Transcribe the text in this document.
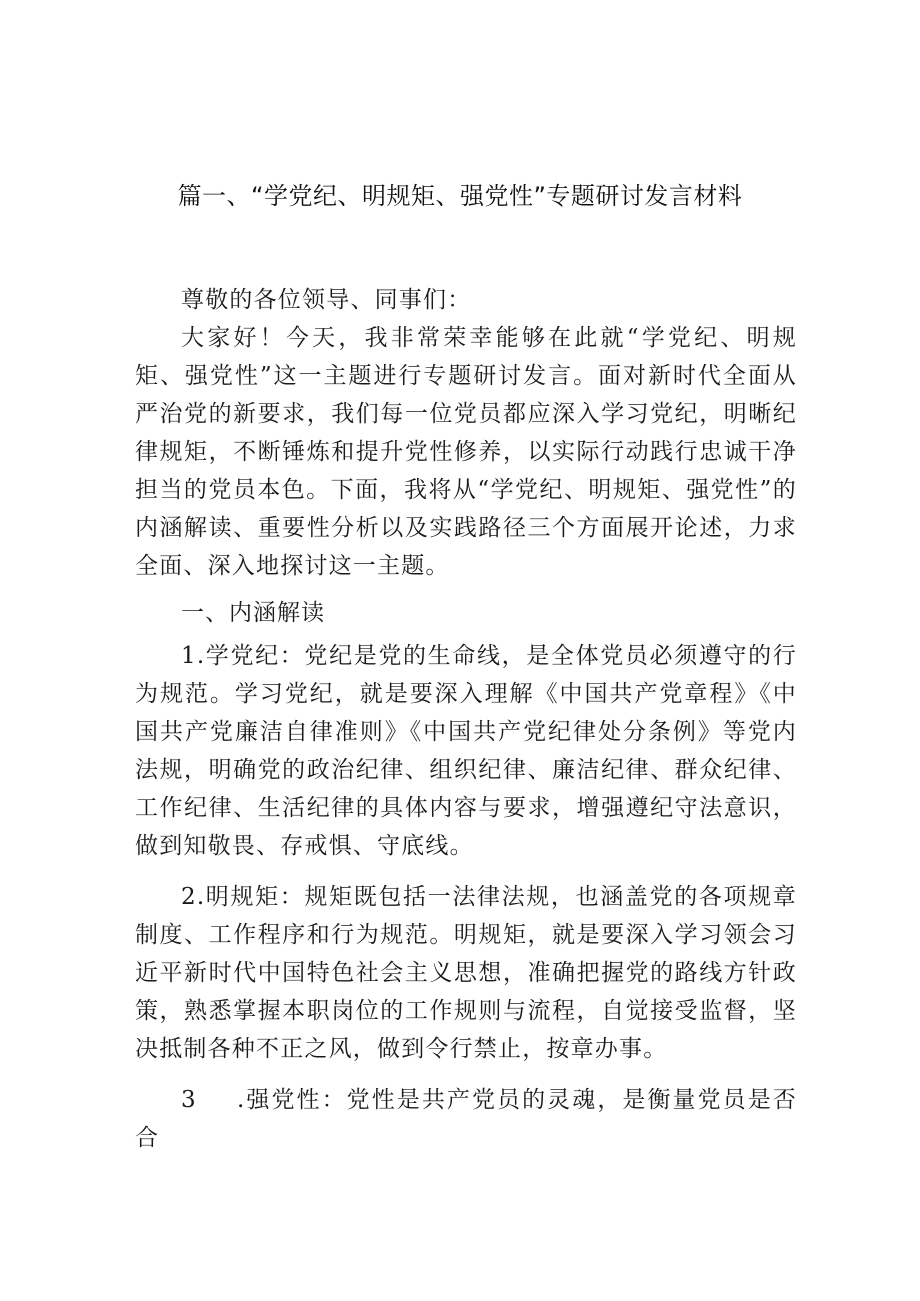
篇一、“学党纪、明规矩、强党性”专题研讨发言材料

尊敬的各位领导、同事们：

大家好！今天，我非常荣幸能够在此就“学党纪、明规矩、强党性”这一主题进行专题研讨发言。面对新时代全面从严治党的新要求，我们每一位党员都应深入学习党纪，明晰纪律规矩，不断锤炼和提升党性修养，以实际行动践行忠诚干净担当的党员本色。下面，我将从“学党纪、明规矩、强党性”的内涵解读、重要性分析以及实践路径三个方面展开论述，力求全面、深入地探讨这一主题。

一、内涵解读

1.学党纪：党纪是党的生命线，是全体党员必须遵守的行为规范。学习党纪，就是要深入理解《中国共产党章程》《中国共产党廉洁自律准则》《中国共产党纪律处分条例》等党内法规，明确党的政治纪律、组织纪律、廉洁纪律、群众纪律、工作纪律、生活纪律的具体内容与要求，增强遵纪守法意识，做到知敬畏、存戒惧、守底线。

2.明规矩：规矩既包括一法律法规，也涵盖党的各项规章制度、工作程序和行为规范。明规矩，就是要深入学习领会习近平新时代中国特色社会主义思想，准确把握党的路线方针政策，熟悉掌握本职岗位的工作规则与流程，自觉接受监督，坚决抵制各种不正之风，做到令行禁止，按章办事。

3 .强党性：党性是共产党员的灵魂，是衡量党员是否合
